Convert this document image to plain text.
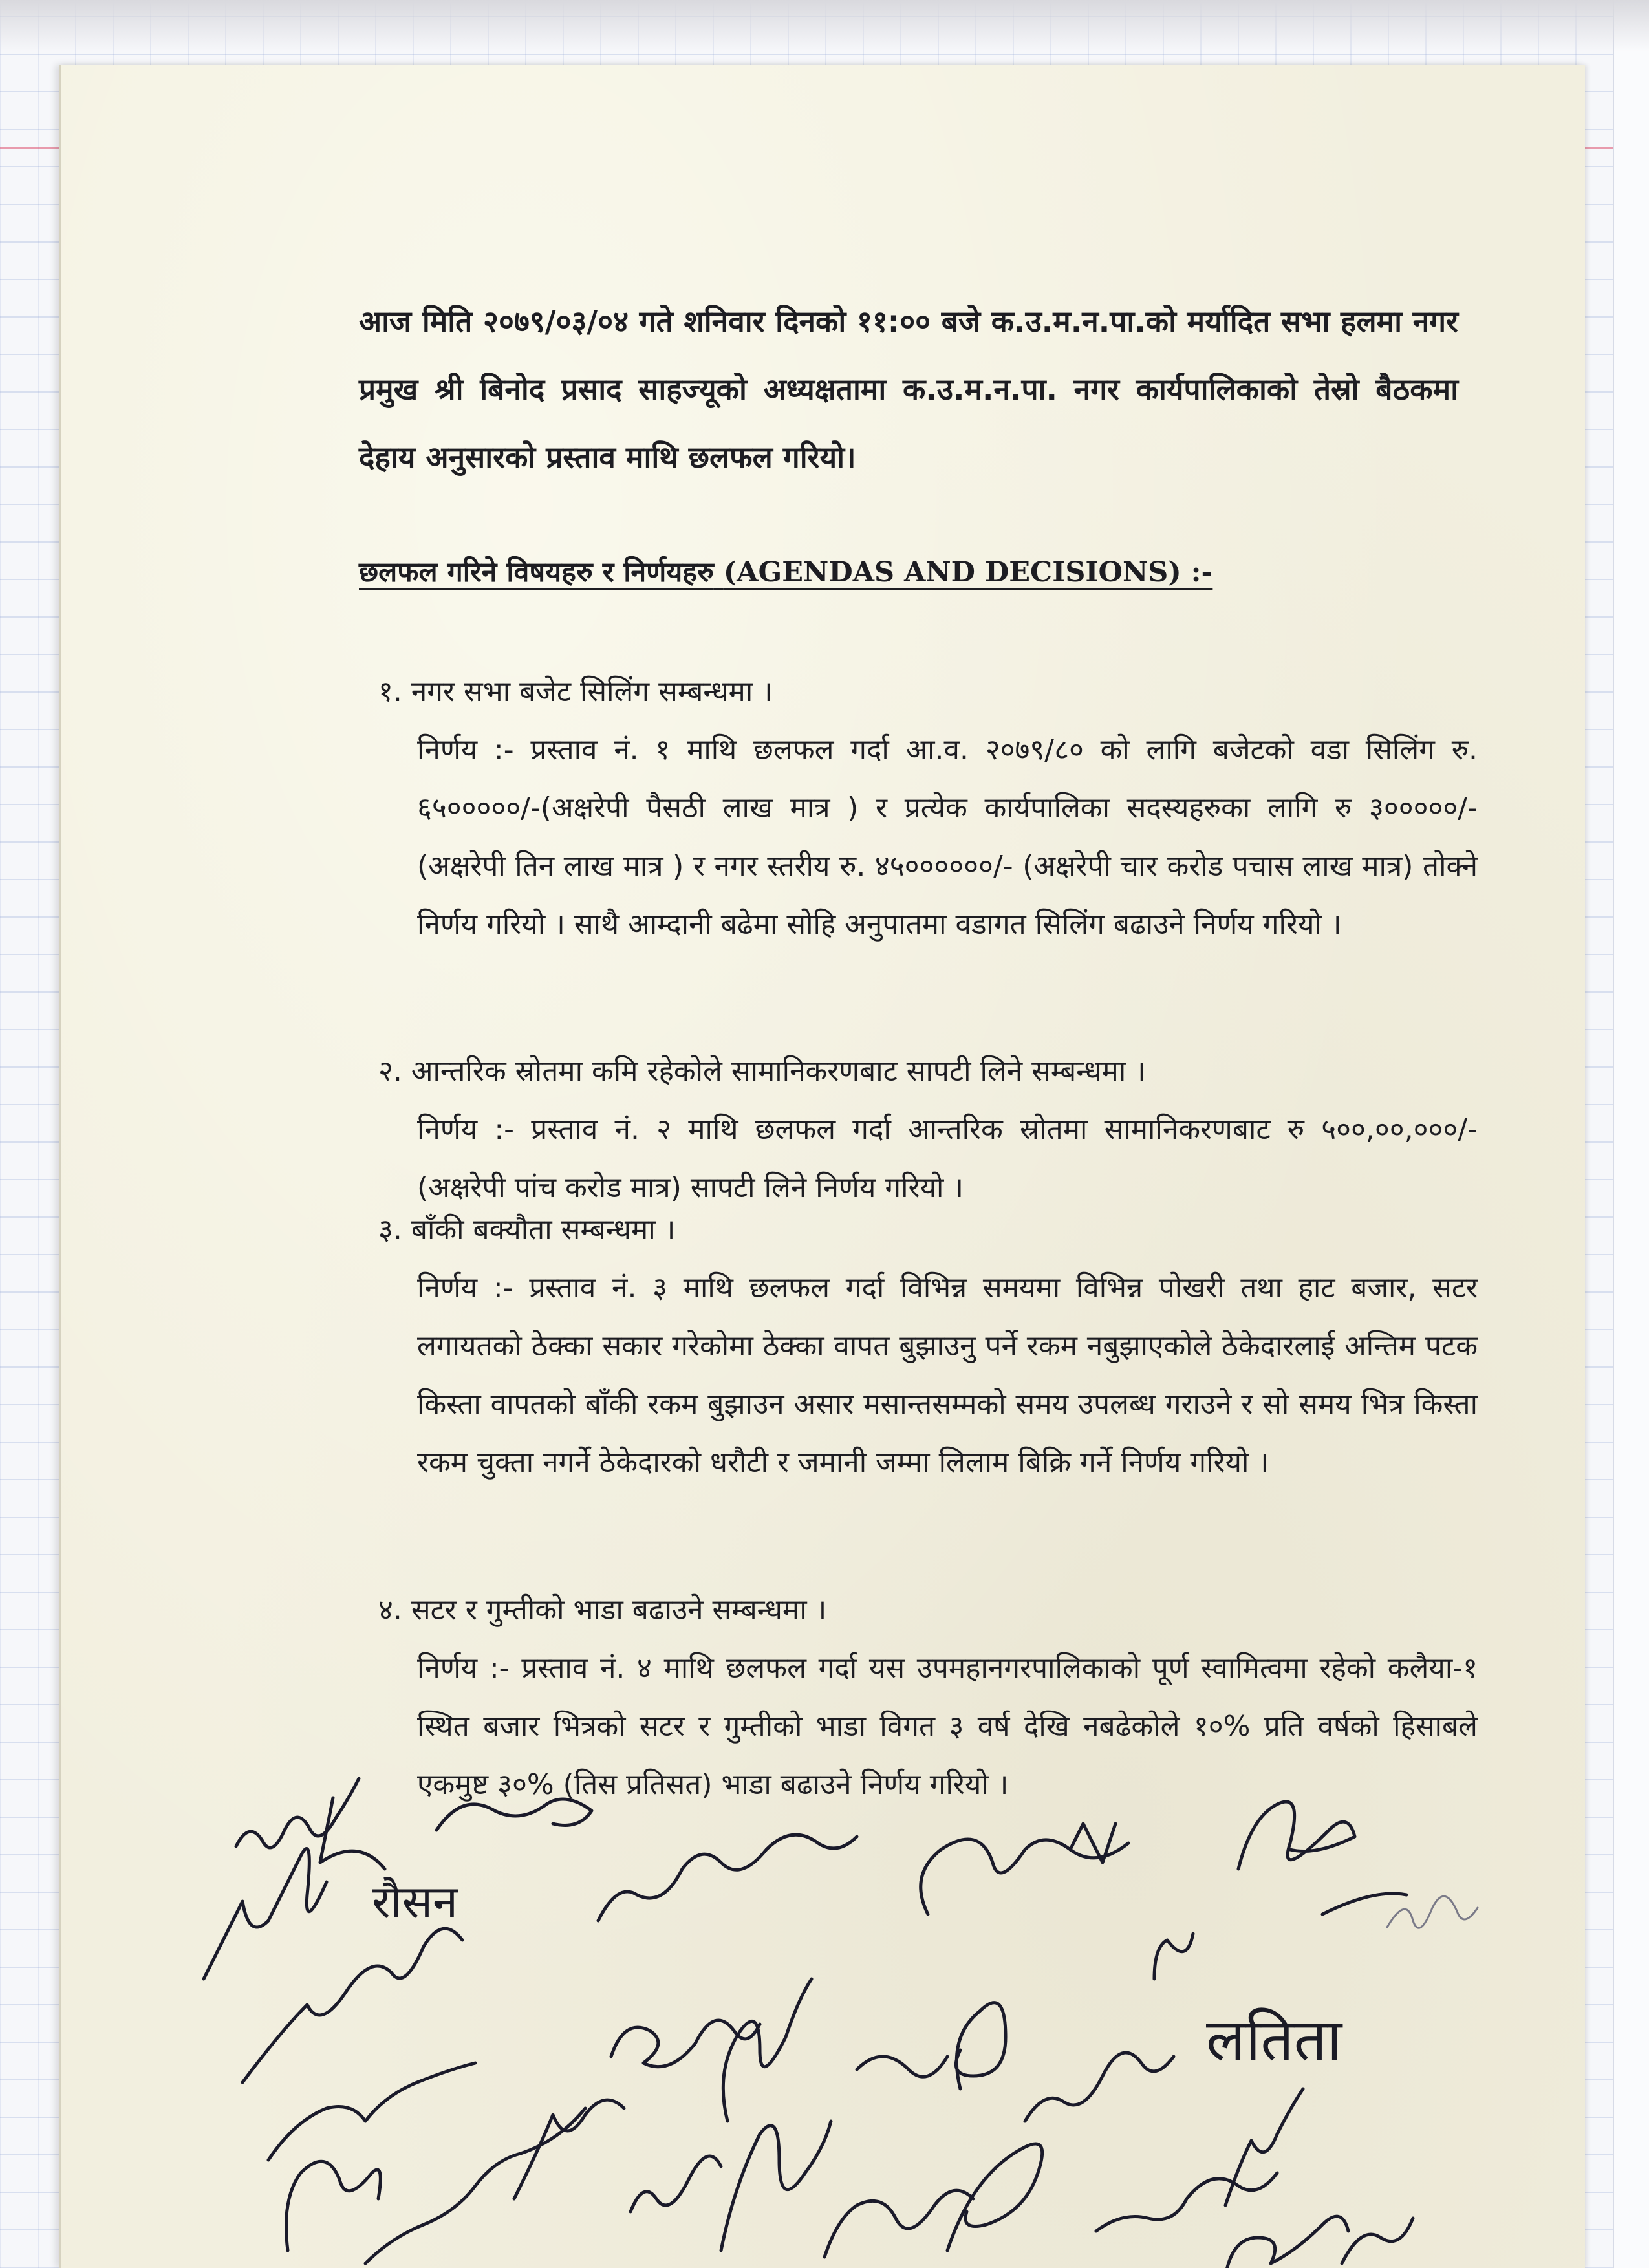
आज मिति २०७९/०३/०४ गते शनिवार दिनको ११:०० बजे क.उ.म.न.पा.को मर्यादित सभा हलमा नगर प्रमुख श्री बिनोद प्रसाद साहज्यूको अध्यक्षतामा क.उ.म.न.पा. नगर कार्यपालिकाको तेस्रो बैठकमा देहाय अनुसारको प्रस्ताव माथि छलफल गरियो।

छलफल गरिने विषयहरु र निर्णयहरु (AGENDAS AND DECISIONS) :-

१. नगर सभा बजेट सिलिंग सम्बन्धमा ।

निर्णय :- प्रस्ताव नं. १ माथि छलफल गर्दा आ.व. २०७९/८० को लागि बजेटको वडा सिलिंग रु. ६५०००००/-(अक्षरेपी पैसठी लाख मात्र ) र प्रत्येक कार्यपालिका सदस्यहरुका लागि रु ३०००००/- (अक्षरेपी तिन लाख मात्र ) र नगर स्तरीय रु. ४५००००००/- (अक्षरेपी चार करोड पचास लाख मात्र) तोक्ने निर्णय गरियो । साथै आम्दानी बढेमा सोहि अनुपातमा वडागत सिलिंग बढाउने निर्णय गरियो ।

२. आन्तरिक स्रोतमा कमि रहेकोले सामानिकरणबाट सापटी लिने सम्बन्धमा ।

निर्णय :- प्रस्ताव नं. २ माथि छलफल गर्दा आन्तरिक स्रोतमा सामानिकरणबाट रु ५००,००,०००/- (अक्षरेपी पांच करोड मात्र) सापटी लिने निर्णय गरियो ।

३. बाँकी बक्यौता सम्बन्धमा ।

निर्णय :- प्रस्ताव नं. ३ माथि छलफल गर्दा विभिन्न समयमा विभिन्न पोखरी तथा हाट बजार, सटर लगायतको ठेक्का सकार गरेकोमा ठेक्का वापत बुझाउनु पर्ने रकम नबुझाएकोले ठेकेदारलाई अन्तिम पटक किस्ता वापतको बाँकी रकम बुझाउन असार मसान्तसम्मको समय उपलब्ध गराउने र सो समय भित्र किस्ता रकम चुक्ता नगर्ने ठेकेदारको धरौटी र जमानी जम्मा लिलाम बिक्रि गर्ने निर्णय गरियो ।

४. सटर र गुम्तीको भाडा बढाउने सम्बन्धमा ।

निर्णय :- प्रस्ताव नं. ४ माथि छलफल गर्दा यस उपमहानगरपालिकाको पूर्ण स्वामित्वमा रहेको कलैया-१ स्थित बजार भित्रको सटर र गुम्तीको भाडा विगत ३ वर्ष देखि नबढेकोले १०% प्रति वर्षको हिसाबले एकमुष्ट ३०% (तिस प्रतिसत) भाडा बढाउने निर्णय गरियो ।

रौसन
लतिता
